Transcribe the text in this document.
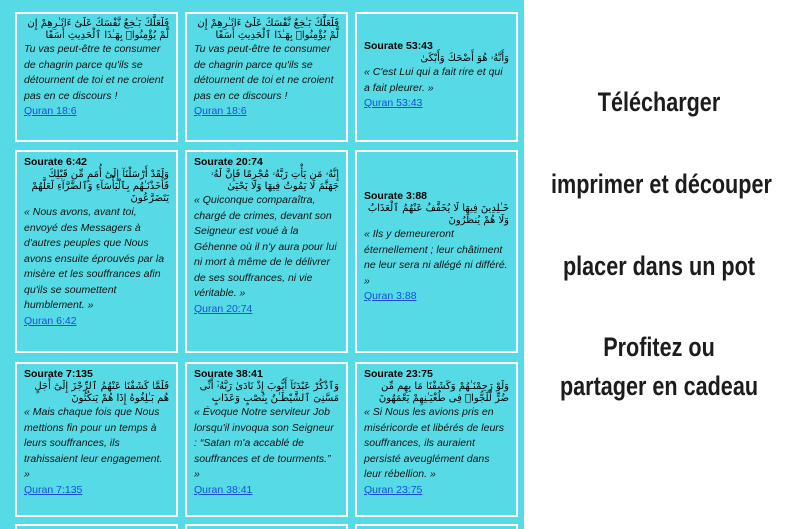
فَلَعَلَّكَ بَـٰخِعٌ نَّفْسَكَ عَلَىٰٓ ءَاثَـٰرِهِمْ إِن لَّمْ يُؤْمِنُوا۟ بِهَـٰذَا ٱلْحَدِيثِ أَسَفًا
Tu vas peut-être te consumer de chagrin parce qu'ils se détournent de toi et ne croient pas en ce discours !
Quran 18:6
فَلَعَلَّكَ بَـٰخِعٌ نَّفْسَكَ عَلَىٰٓ ءَاثَـٰرِهِمْ إِن لَّمْ يُؤْمِنُوا۟ بِهَـٰذَا ٱلْحَدِيثِ أَسَفًا
Tu vas peut-être te consumer de chagrin parce qu'ils se détournent de toi et ne croient pas en ce discours !
Quran 18:6
Sourate 53:43
وَأَنَّهُۥ هُوَ أَضْحَكَ وَأَبْكَىٰ
« C'est Lui qui a fait rire et qui a fait pleurer. »
Quran 53:43
Sourate 6:42
وَلَقَدْ أَرْسَلْنَآ إِلَىٰٓ أُمَمٍ مِّن قَبْلِكَ فَأَخَذْنَـٰهُم بِٱلْبَأْسَآءِ وَٱلضَّرَّآءِ لَعَلَّهُمْ يَتَضَرَّعُونَ
« Nous avons, avant toi, envoyé des Messagers à d'autres peuples que Nous avons ensuite éprouvés par la misère et les souffrances afin qu'ils se soumettent humblement. »
Quran 6:42
Sourate 20:74
إِنَّهُۥ مَن يَأْتِ رَبَّهُۥ مُجْرِمًا فَإِنَّ لَهُۥ جَهَنَّمَ لَا يَمُوتُ فِيهَا وَلَا يَحْيَىٰ
« Quiconque comparaîtra, chargé de crimes, devant son Seigneur est voué à la Géhenne où il n'y aura pour lui ni mort à même de le délivrer de ses souffrances, ni vie véritable. »
Quran 20:74
Sourate 3:88
خَـٰلِدِينَ فِيهَا لَا يُخَفَّفُ عَنْهُمُ ٱلْعَذَابُ وَلَا هُمْ يُنظَرُونَ
« Ils y demeureront éternellement ; leur châtiment ne leur sera ni allégé ni différé. »
Quran 3:88
Sourate 7:135
فَلَمَّا كَشَفْنَا عَنْهُمُ ٱلرِّجْزَ إِلَىٰٓ أَجَلٍ هُم بَـٰلِغُوهُ إِذَا هُمْ يَنكُثُونَ
« Mais chaque fois que Nous mettions fin pour un temps à leurs souffrances, ils trahissaient leur engagement. »
Quran 7:135
Sourate 38:41
وَٱذْكُرْ عَبْدَنَآ أَيُّوبَ إِذْ نَادَىٰ رَبَّهُۥٓ أَنِّى مَسَّنِىَ ٱلشَّيْطَـٰنُ بِنُصْبٍ وَعَذَابٍ
« Évoque Notre serviteur Job lorsqu'il invoqua son Seigneur : “Satan m'a accablé de souffrances et de tourments.” »
Quran 38:41
Sourate 23:75
وَلَوْ رَحِمْنَـٰهُمْ وَكَشَفْنَا مَا بِهِم مِّن ضُرٍّ لَّلَجُّوا۟ فِى طُغْيَـٰنِهِمْ يَعْمَهُونَ
« Si Nous les avions pris en miséricorde et libérés de leurs souffrances, ils auraient persisté aveuglément dans leur rébellion. »
Quran 23:75
Télécharger
imprimer et découper
placer dans un pot
Profitez ou
partager en cadeau
